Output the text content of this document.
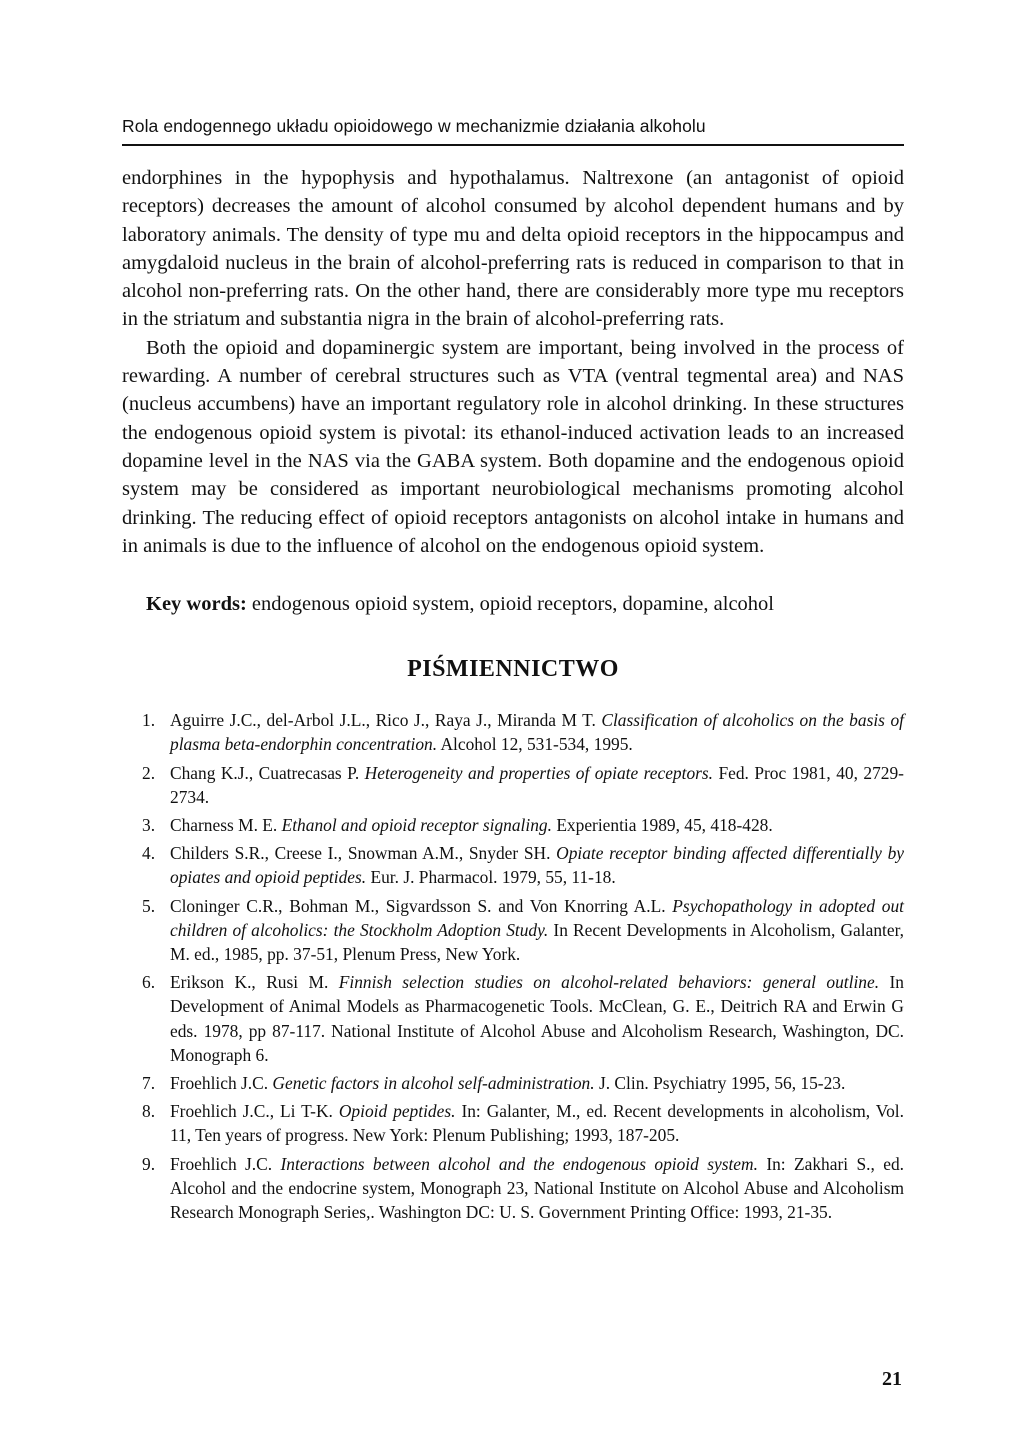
Rola endogennego układu opioidowego w mechanizmie działania alkoholu

endorphines in the hypophysis and hypothalamus. Naltrexone (an antagonist of opioid receptors) decreases the amount of alcohol consumed by alcohol dependent humans and by laboratory animals. The density of type mu and delta opioid receptors in the hippocampus and amygdaloid nucleus in the brain of alcohol-preferring rats is reduced in comparison to that in alcohol non-preferring rats. On the other hand, there are considerably more type mu receptors in the striatum and substantia nigra in the brain of alcohol-preferring rats.

Both the opioid and dopaminergic system are important, being involved in the process of rewarding. A number of cerebral structures such as VTA (ventral tegmental area) and NAS (nucleus accumbens) have an important regulatory role in alcohol drinking. In these structures the endogenous opioid system is pivotal: its ethanol-induced activation leads to an increased dopamine level in the NAS via the GABA system. Both dopamine and the endogenous opioid system may be considered as important neurobiological mechanisms promoting alcohol drinking. The reducing effect of opioid receptors antagonists on alcohol intake in humans and in animals is due to the influence of alcohol on the endogenous opioid system.

Key words: endogenous opioid system, opioid receptors, dopamine, alcohol
PIŚMIENNICTWO
1. Aguirre J.C., del-Arbol J.L., Rico J., Raya J., Miranda M T. Classification of alcoholics on the basis of plasma beta-endorphin concentration. Alcohol 12, 531-534, 1995.
2. Chang K.J., Cuatrecasas P. Heterogeneity and properties of opiate receptors. Fed. Proc 1981, 40, 2729-2734.
3. Charness M. E. Ethanol and opioid receptor signaling. Experientia 1989, 45, 418-428.
4. Childers S.R., Creese I., Snowman A.M., Snyder SH. Opiate receptor binding affected differentially by opiates and opioid peptides. Eur. J. Pharmacol. 1979, 55, 11-18.
5. Cloninger C.R., Bohman M., Sigvardsson S. and Von Knorring A.L. Psychopathology in adopted out children of alcoholics: the Stockholm Adoption Study. In Recent Developments in Alcoholism, Galanter, M. ed., 1985, pp. 37-51, Plenum Press, New York.
6. Erikson K., Rusi M. Finnish selection studies on alcohol-related behaviors: general outline. In Development of Animal Models as Pharmacogenetic Tools. McClean, G. E., Deitrich RA and Erwin G eds. 1978, pp 87-117. National Institute of Alcohol Abuse and Alcoholism Research, Washington, DC. Monograph 6.
7. Froehlich J.C. Genetic factors in alcohol self-administration. J. Clin. Psychiatry 1995, 56, 15-23.
8. Froehlich J.C., Li T-K. Opioid peptides. In: Galanter, M., ed. Recent developments in alcoholism, Vol. 11, Ten years of progress. New York: Plenum Publishing; 1993, 187-205.
9. Froehlich J.C. Interactions between alcohol and the endogenous opioid system. In: Zakhari S., ed. Alcohol and the endocrine system, Monograph 23, National Institute on Alcohol Abuse and Alcoholism Research Monograph Series,. Washington DC: U. S. Government Printing Office: 1993, 21-35.
21
